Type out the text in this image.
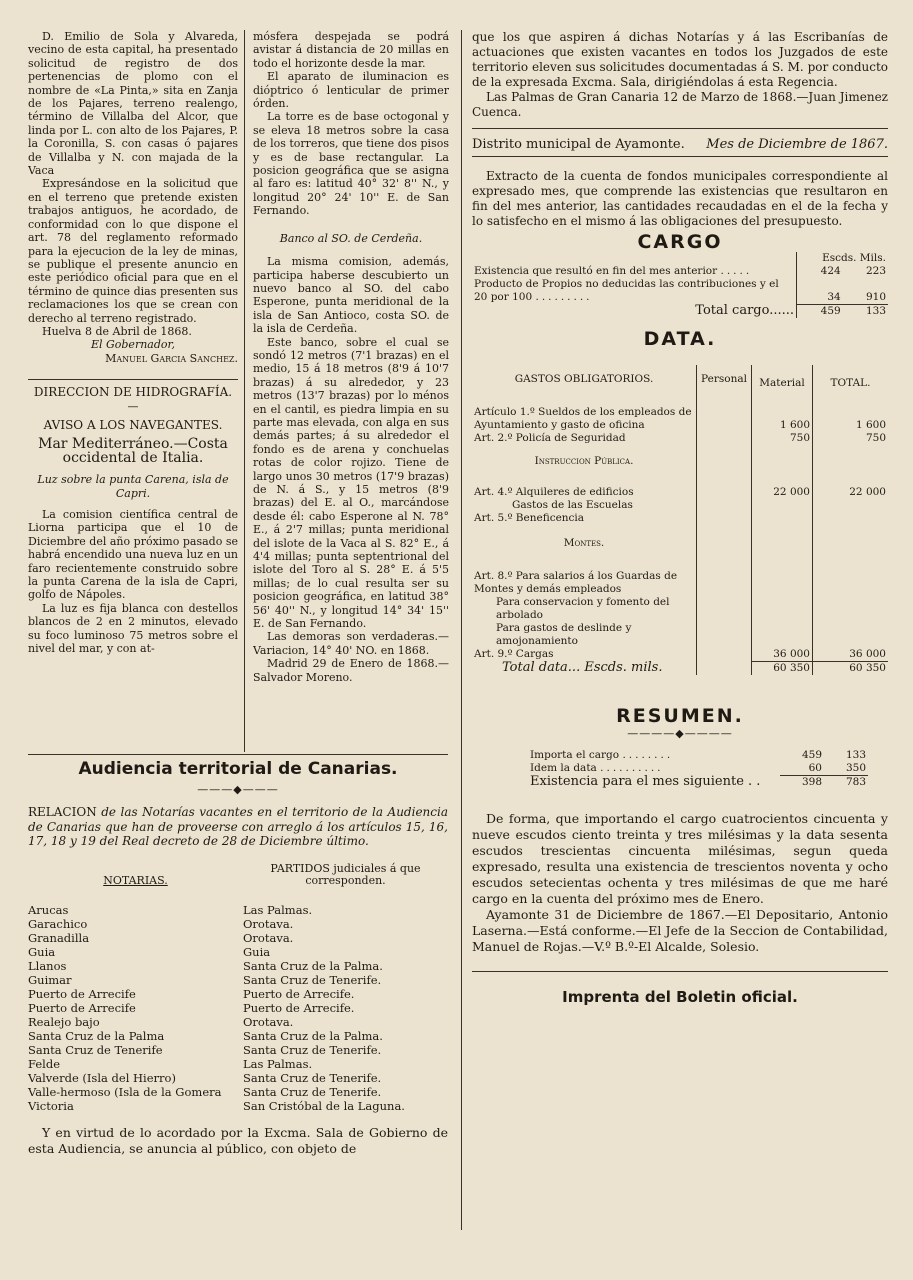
D. Emilio de Sola y Alvareda, vecino de esta capital, ha presentado solicitud de registro de dos pertenencias de plomo con el nombre de «La Pinta,» sita en Zanja de los Pajares, terreno realengo, término de Villalba del Alcor, que linda por L. con alto de los Pajares, P. la Coronilla, S. con casas ó pajares de Villalba y N. con majada de la Vaca

Expresándose en la solicitud que en el terreno que pretende existen trabajos antiguos, he acordado, de conformidad con lo que dispone el art. 78 del reglamento reformado para la ejecucion de la ley de minas, se publique el presente anuncio en este periódico oficial para que en el término de quince dias presenten sus reclamaciones los que se crean con derecho al terreno registrado.

Huelva 8 de Abril de 1868.

El Gobernador,

Manuel Garcia Sanchez.

DIRECCION DE HIDROGRAFÍA.

—

AVISO A LOS NAVEGANTES.

Mar Mediterráneo.—Costa occidental de Italia.

Luz sobre la punta Carena, isla de Capri.

La comision científica central de Liorna participa que el 10 de Diciembre del año próximo pasado se habrá encendido una nueva luz en un faro recientemente construido sobre la punta Carena de la isla de Capri, golfo de Nápoles.

La luz es fija blanca con destellos blancos de 2 en 2 minutos, elevado su foco luminoso 75 metros sobre el nivel del mar, y con at-

mósfera despejada se podrá avistar á distancia de 20 millas en todo el horizonte desde la mar.

El aparato de iluminacion es dióptrico ó lenticular de primer órden.

La torre es de base octogonal y se eleva 18 metros sobre la casa de los torreros, que tiene dos pisos y es de base rectangular. La posicion geográfica que se asigna al faro es: latitud 40° 32' 8'' N., y longitud 20° 24' 10'' E. de San Fernando.

Banco al SO. de Cerdeña.

La misma comision, además, participa haberse descubierto un nuevo banco al SO. del cabo Esperone, punta meridional de la isla de San Antioco, costa SO. de la isla de Cerdeña.

Este banco, sobre el cual se sondó 12 metros (7'1 brazas) en el medio, 15 á 18 metros (8'9 á 10'7 brazas) á su alrededor, y 23 metros (13'7 brazas) por lo ménos en el cantil, es piedra limpia en su parte mas elevada, con alga en sus demás partes; á su alrededor el fondo es de arena y conchuelas rotas de color rojizo. Tiene de largo unos 30 metros (17'9 brazas) de N. á S., y 15 metros (8'9 brazas) del E. al O., marcándose desde él: cabo Esperone al N. 78° E., á 2'7 millas; punta meridional del islote de la Vaca al S. 82° E., á 4'4 millas; punta septentrional del islote del Toro al S. 28° E. á 5'5 millas; de lo cual resulta ser su posicion geográfica, en latitud 38° 56' 40'' N., y longitud 14° 34' 15'' E. de San Fernando.

Las demoras son verdaderas.—Variacion, 14° 40' NO. en 1868.

Madrid 29 de Enero de 1868.—Salvador Moreno.

Audiencia territorial de Canarias.

———◆———

RELACION de las Notarías vacantes en el territorio de la Audiencia de Canarias que han de proveerse con arreglo á los artículos 15, 16, 17, 18 y 19 del Real decreto de 28 de Diciembre último.

NOTARIAS.
PARTIDOS judiciales á que corresponden.
Arucas	Las Palmas.
Garachico	Orotava.
Granadilla	Orotava.
Guia	Guia
Llanos	Santa Cruz de la Palma.
Guimar	Santa Cruz de Tenerife.
Puerto de Arrecife	Puerto de Arrecife.
Puerto de Arrecife	Puerto de Arrecife.
Realejo bajo	Orotava.
Santa Cruz de la Palma	Santa Cruz de la Palma.
Santa Cruz de Tenerife	Santa Cruz de Tenerife.
Felde	Las Palmas.
Valverde (Isla del Hierro)	Santa Cruz de Tenerife.
Valle-hermoso (Isla de la Gomera	Santa Cruz de Tenerife.
Victoria	San Cristóbal de la Laguna.

Y en virtud de lo acordado por la Excma. Sala de Gobierno de esta Audiencia, se anuncia al público, con objeto de

que los que aspiren á dichas Notarías y á las Escribanías de actuaciones que existen vacantes en todos los Juzgados de este territorio eleven sus solicitudes documentadas á S. M. por conducto de la expresada Excma. Sala, dirigiéndolas á esta Regencia.

Las Palmas de Gran Canaria 12 de Marzo de 1868.—Juan Jimenez Cuenca.

Distrito municipal de Ayamonte. Mes de Diciembre de 1867.

Extracto de la cuenta de fondos municipales correspondiente al expresado mes, que comprende las existencias que resultaron en fin del mes anterior, las cantidades recaudadas en el de la fecha y lo satisfecho en el mismo á las obligaciones del presupuesto.

CARGO

	Escds. Mils.	
Existencia que resultó en fin del mes anterior .....	424	223
Producto de Propios no deducidas las contribuciones y el 20 por 100 .........	34	910
Total cargo......	459	133

DATA.

GASTOS OBLIGATORIOS.	Personal	Material	TOTAL.
Artículo 1.º Sueldos de los empleados de Ayuntamiento y gasto de oficina		1 600	1 600
Art. 2.º Policía de Seguridad		750	750
Instruccion Pública.			
Art. 4.º Alquileres de edificios		22 000	22 000
Gastos de las Escuelas			
Art. 5.º Beneficencia			
Montes.			
Art. 8.º Para salarios á los Guardas de Montes y demás empleados			
Para conservacion y fomento del arbolado			
Para gastos de deslinde y amojonamiento			
Art. 9.º Cargas		36 000	36 000
Total data... Escds. mils.		60 350	60 350

RESUMEN.

————◆————

Importa el cargo ........	459	133
Idem la data ..........	60	350
Existencia para el mes siguiente . .	398	783

De forma, que importando el cargo cuatrocientos cincuenta y nueve escudos ciento treinta y tres milésimas y la data sesenta escudos trescientas cincuenta milésimas, segun queda expresado, resulta una existencia de trescientos noventa y ocho escudos setecientas ochenta y tres milésimas de que me haré cargo en la cuenta del próximo mes de Enero.

Ayamonte 31 de Diciembre de 1867.—El Depositario, Antonio Laserna.—Está conforme.—El Jefe de la Seccion de Contabilidad, Manuel de Rojas.—V.º B.º-El Alcalde, Solesio.

Imprenta del Boletin oficial.
